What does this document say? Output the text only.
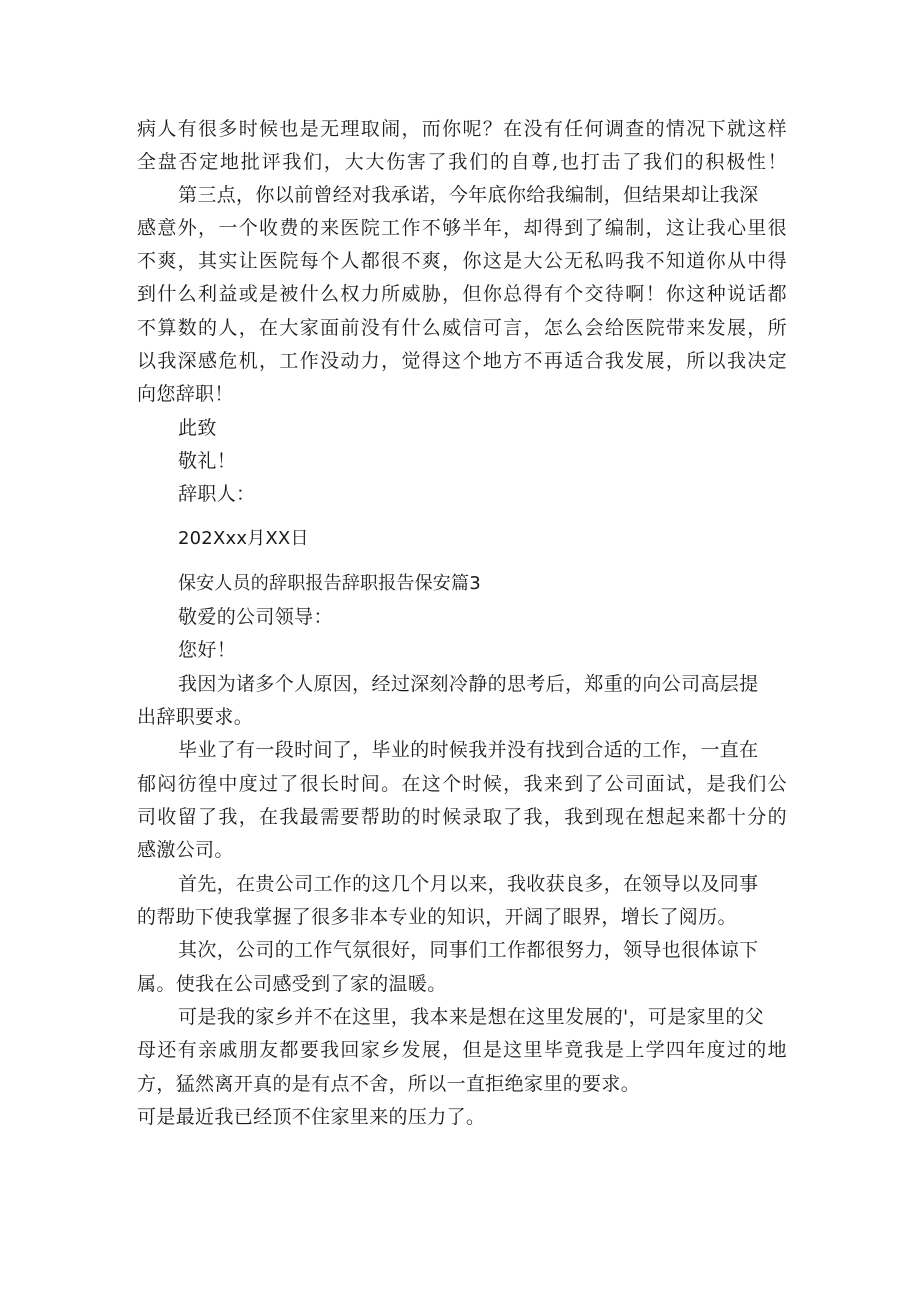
病人有很多时候也是无理取闹，而你呢？在没有任何调查的情况下就这样
全盘否定地批评我们，大大伤害了我们的自尊,也打击了我们的积极性！
第三点，你以前曾经对我承诺，今年底你给我编制，但结果却让我深
感意外，一个收费的来医院工作不够半年，却得到了编制，这让我心里很
不爽，其实让医院每个人都很不爽，你这是大公无私吗我不知道你从中得
到什么利益或是被什么权力所威胁，但你总得有个交待啊！你这种说话都
不算数的人，在大家面前没有什么威信可言，怎么会给医院带来发展，所
以我深感危机，工作没动力，觉得这个地方不再适合我发展，所以我决定
向您辞职！
此致
敬礼！
辞职人：
202Xxx月XX日
保安人员的辞职报告辞职报告保安篇3
敬爱的公司领导：
您好！
我因为诸多个人原因，经过深刻冷静的思考后，郑重的向公司高层提
出辞职要求。
毕业了有一段时间了，毕业的时候我并没有找到合适的工作，一直在
郁闷彷徨中度过了很长时间。在这个时候，我来到了公司面试，是我们公
司收留了我，在我最需要帮助的时候录取了我，我到现在想起来都十分的
感激公司。
首先，在贵公司工作的这几个月以来，我收获良多，在领导以及同事
的帮助下使我掌握了很多非本专业的知识，开阔了眼界，增长了阅历。
其次，公司的工作气氛很好，同事们工作都很努力，领导也很体谅下
属。使我在公司感受到了家的温暖。
可是我的家乡并不在这里，我本来是想在这里发展的'，可是家里的父
母还有亲戚朋友都要我回家乡发展，但是这里毕竟我是上学四年度过的地
方，猛然离开真的是有点不舍，所以一直拒绝家里的要求。
可是最近我已经顶不住家里来的压力了。
